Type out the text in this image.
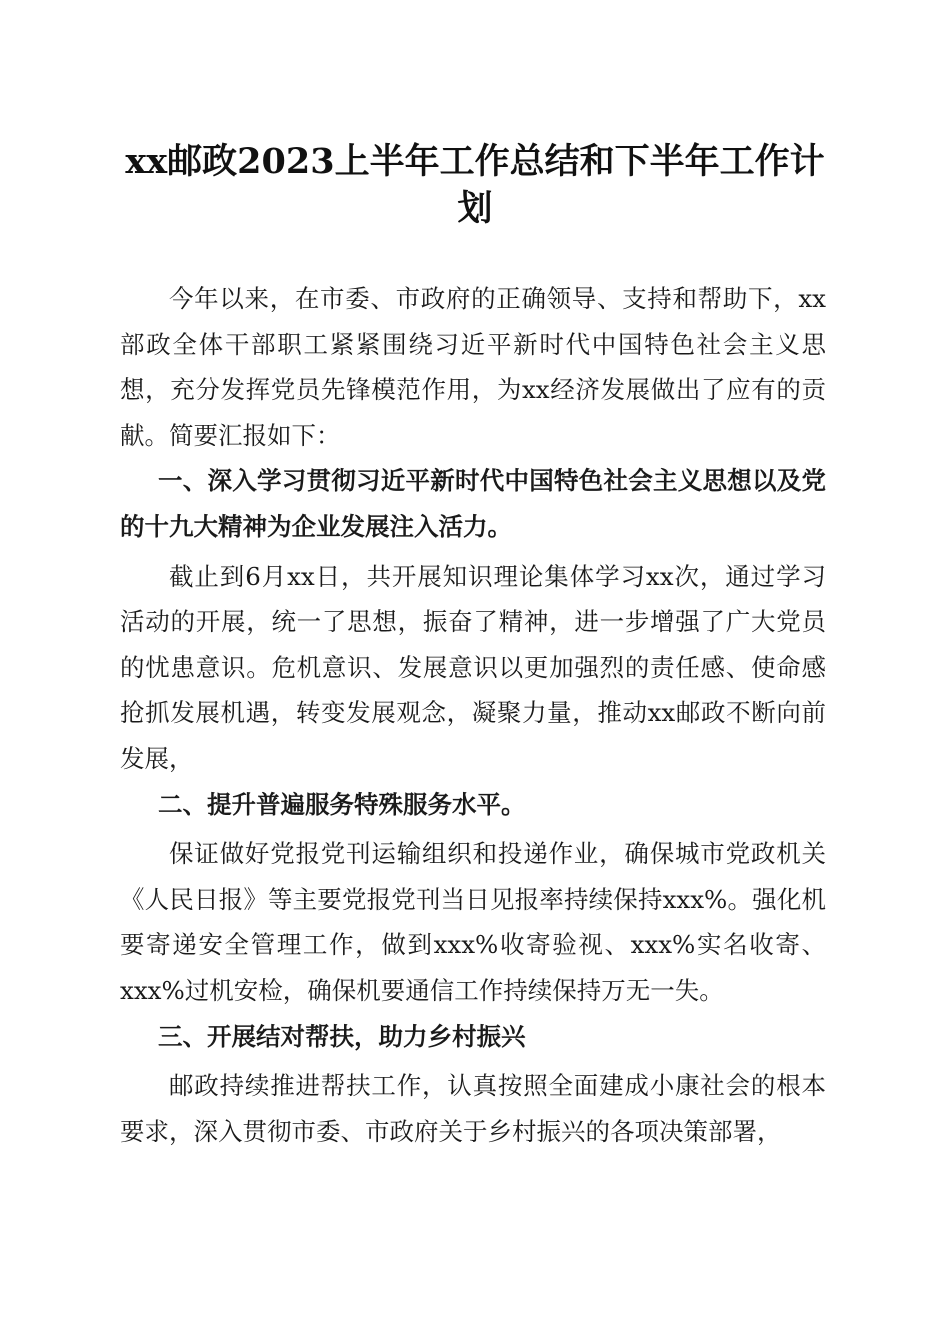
xx邮政2023上半年工作总结和下半年工作计划

今年以来，在市委、市政府的正确领导、支持和帮助下，xx部政全体干部职工紧紧围绕习近平新时代中国特色社会主义思想，充分发挥党员先锋模范作用，为xx经济发展做出了应有的贡献。简要汇报如下：

一、深入学习贯彻习近平新时代中国特色社会主义思想以及党的十九大精神为企业发展注入活力。

截止到6月xx日，共开展知识理论集体学习xx次，通过学习活动的开展，统一了思想，振奋了精神，进一步增强了广大党员的忧患意识。危机意识、发展意识以更加强烈的责任感、使命感抢抓发展机遇，转变发展观念，凝聚力量，推动xx邮政不断向前发展，

二、提升普遍服务特殊服务水平。

保证做好党报党刊运输组织和投递作业，确保城市党政机关《人民日报》等主要党报党刊当日见报率持续保持xxx%。强化机要寄递安全管理工作，做到xxx%收寄验视、xxx%实名收寄、xxx%过机安检，确保机要通信工作持续保持万无一失。

三、开展结对帮扶，助力乡村振兴

邮政持续推进帮扶工作，认真按照全面建成小康社会的根本要求，深入贯彻市委、市政府关于乡村振兴的各项决策部署，
